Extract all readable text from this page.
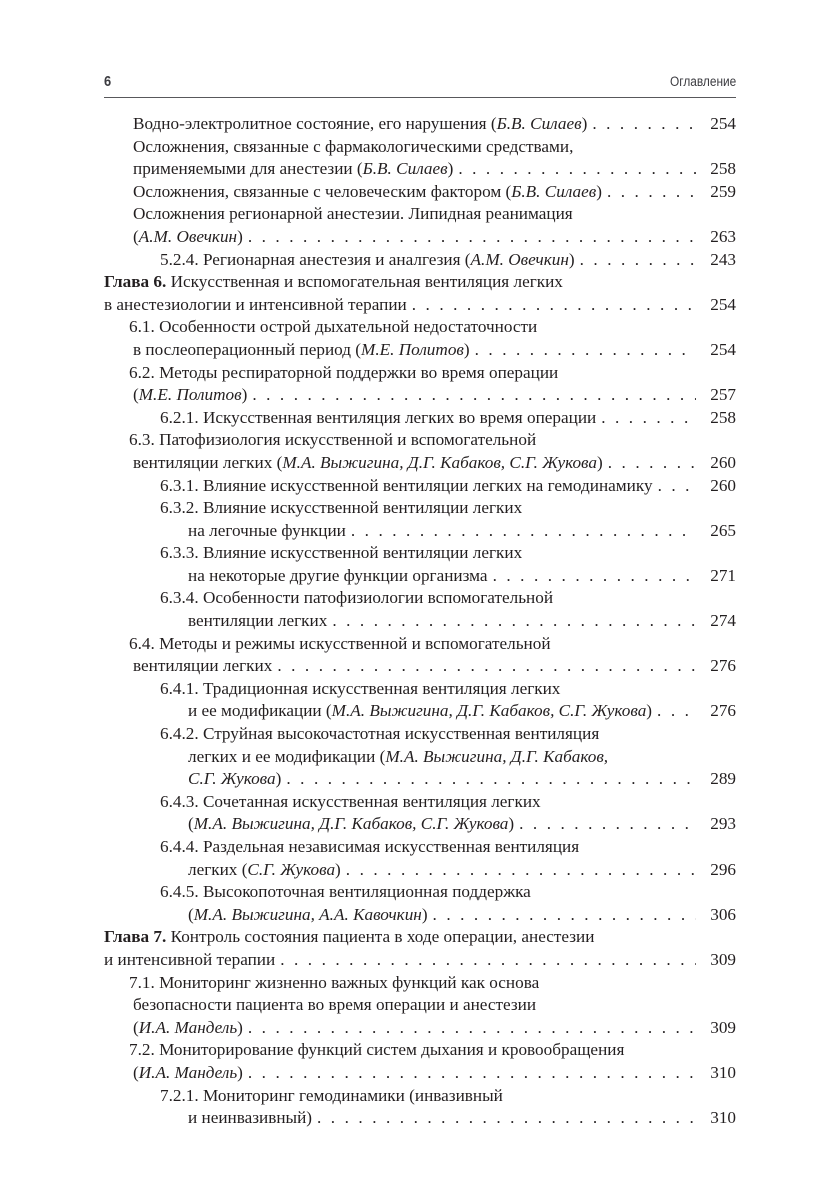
6	Оглавление
Водно-электролитное состояние, его нарушения (Б.В. Силаев) . . .	254
Осложнения, связанные с фармакологическими средствами,
применяемыми для анестезии (Б.В. Силаев) . . .	258
Осложнения, связанные с человеческим фактором (Б.В. Силаев) . . .	259
Осложнения регионарной анестезии. Липидная реанимация
(А.М. Овечкин) . . .	263
5.2.4. Регионарная анестезия и аналгезия (А.М. Овечкин) . . .	243
Глава 6. Искусственная и вспомогательная вентиляция легких
в анестезиологии и интенсивной терапии . . .	254
6.1. Особенности острой дыхательной недостаточности
в послеоперационный период (М.Е. Политов) . . .	254
6.2. Методы респираторной поддержки во время операции
(М.Е. Политов) . . .	257
6.2.1. Искусственная вентиляция легких во время операции . . .	258
6.3. Патофизиология искусственной и вспомогательной
вентиляции легких (М.А. Выжигина, Д.Г. Кабаков, С.Г. Жукова) . . .	260
6.3.1. Влияние искусственной вентиляции легких на гемодинамику . . .	260
6.3.2. Влияние искусственной вентиляции легких
на легочные функции . . .	265
6.3.3. Влияние искусственной вентиляции легких
на некоторые другие функции организма . . .	271
6.3.4. Особенности патофизиологии вспомогательной
вентиляции легких . . .	274
6.4. Методы и режимы искусственной и вспомогательной
вентиляции легких . . .	276
6.4.1. Традиционная искусственная вентиляция легких
и ее модификации (М.А. Выжигина, Д.Г. Кабаков, С.Г. Жукова) . . .	276
6.4.2. Струйная высокочастотная искусственная вентиляция
легких и ее модификации (М.А. Выжигина, Д.Г. Кабаков,
С.Г. Жукова) . . .	289
6.4.3. Сочетанная искусственная вентиляция легких
(М.А. Выжигина, Д.Г. Кабаков, С.Г. Жукова) . . .	293
6.4.4. Раздельная независимая искусственная вентиляция
легких (С.Г. Жукова) . . .	296
6.4.5. Высокопоточная вентиляционная поддержка
(М.А. Выжигина, А.А. Кавочкин) . . .	306
Глава 7. Контроль состояния пациента в ходе операции, анестезии
и интенсивной терапии . . .	309
7.1. Мониторинг жизненно важных функций как основа
безопасности пациента во время операции и анестезии
(И.А. Мандель) . . .	309
7.2. Мониторирование функций систем дыхания и кровообращения
(И.А. Мандель) . . .	310
7.2.1. Мониторинг гемодинамики (инвазивный
и неинвазивный) . . .	310
